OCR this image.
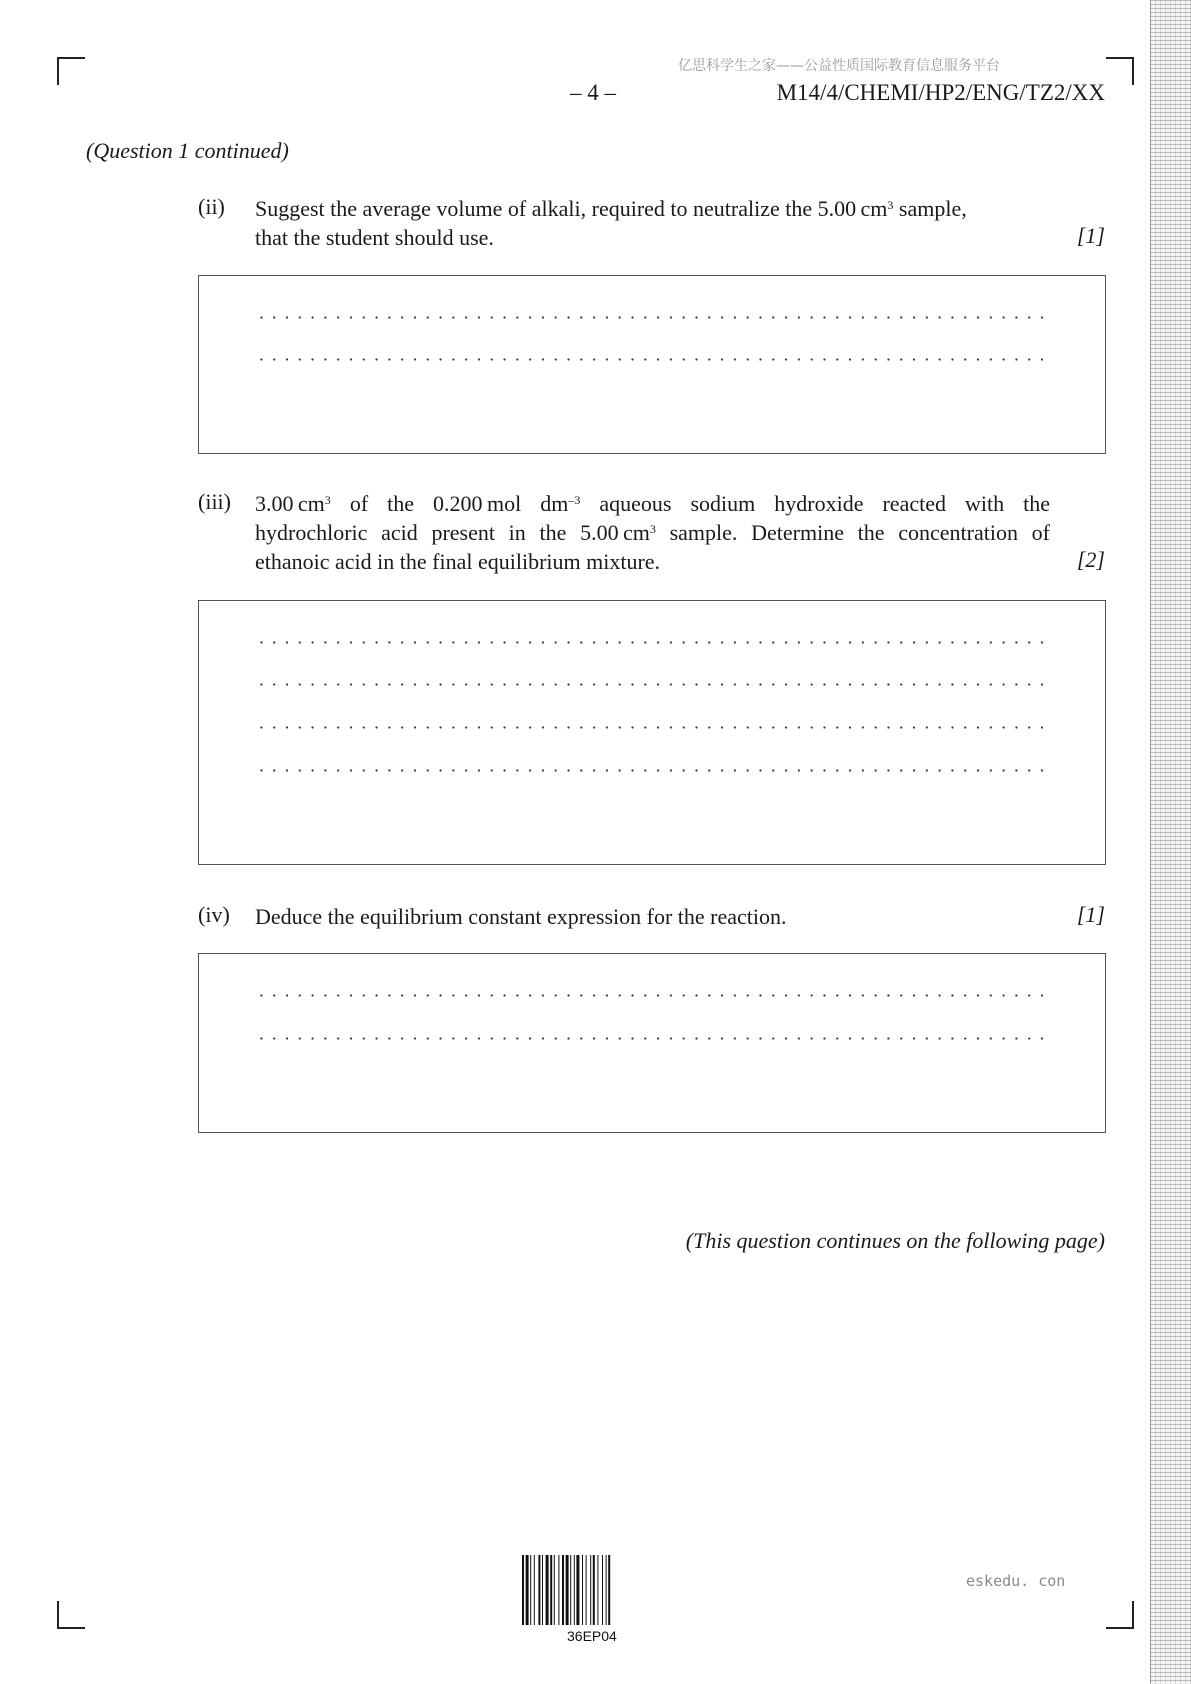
亿思科学生之家——公益性质国际教育信息服务平台
– 4 –	M14/4/CHEMI/HP2/ENG/TZ2/XX
(Question 1 continued)
(ii) Suggest the average volume of alkali, required to neutralize the 5.00  $cm^3$ sample,
that the student should use.	[1]
(iii) 3.00  $cm^3$ of the 0.200  mol $dm^{-3}$ aqueous sodium hydroxide reacted with the
hydrochloric acid present in the 5.00  $cm^3$ sample. Determine the concentration of
ethanoic acid in the final equilibrium mixture.	[2]
(iv) Deduce the equilibrium constant expression for the reaction.	[1]
(This question continues on the following page)
36EP04
eskedu. con
